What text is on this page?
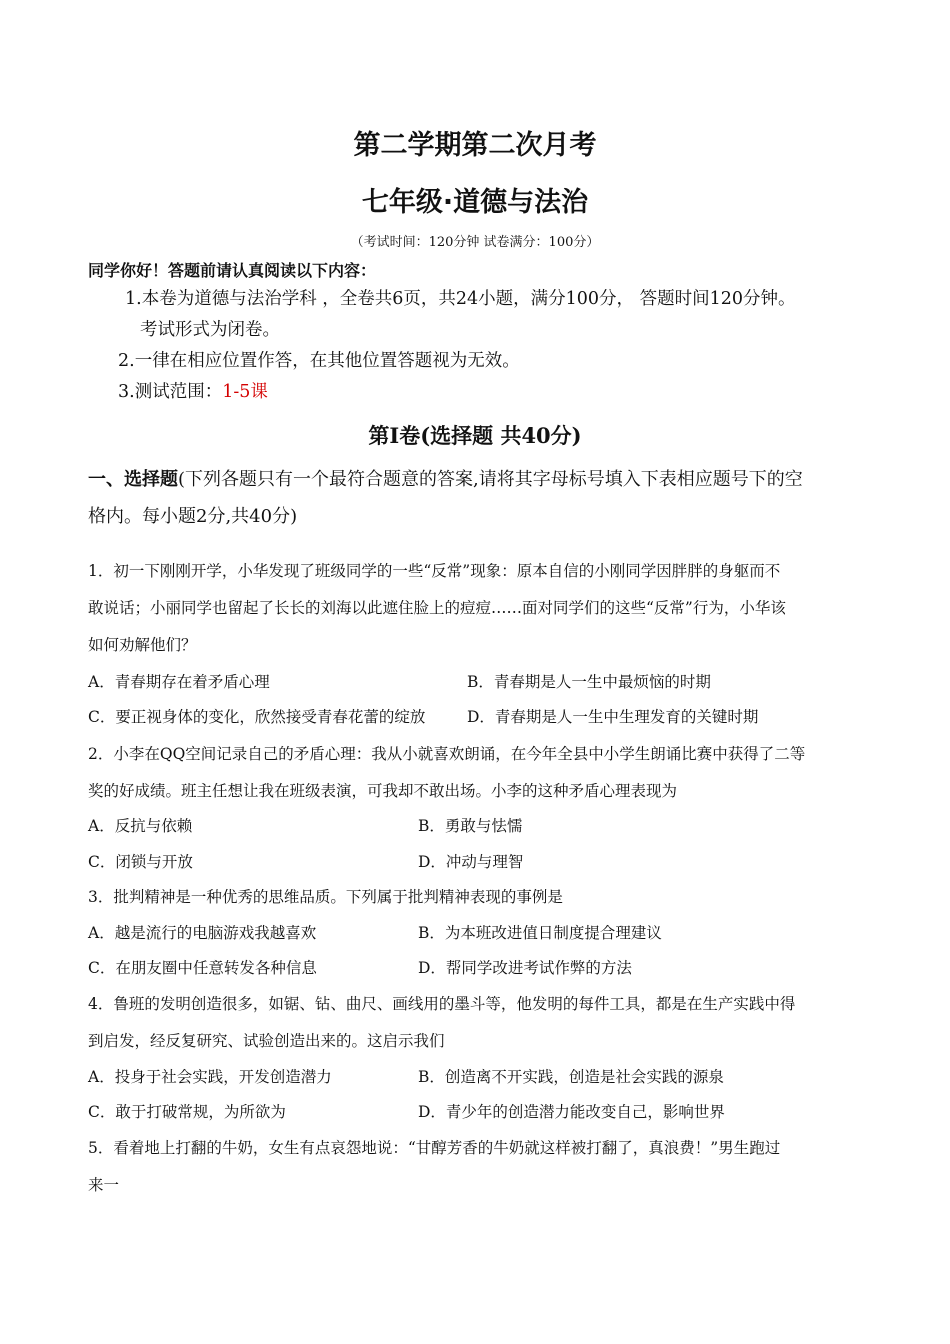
第二学期第二次月考
七年级·道德与法治
（考试时间：120分钟 试卷满分：100分）
同学你好！答题前请认真阅读以下内容：
1.本卷为道德与法治学科 ，全卷共6页，共24小题，满分100分， 答题时间120分钟。
考试形式为闭卷。
2.一律在相应位置作答，在其他位置答题视为无效。
3.测试范围：1-5课
第Ⅰ卷(选择题 共40分)
一、选择题(下列各题只有一个最符合题意的答案,请将其字母标号填入下表相应题号下的空
格内。每小题2分,共40分)
1．初一下刚刚开学，小华发现了班级同学的一些“反常”现象：原本自信的小刚同学因胖胖的身躯而不
敢说话；小丽同学也留起了长长的刘海以此遮住脸上的痘痘……面对同学们的这些“反常”行为，小华该
如何劝解他们？
A．青春期存在着矛盾心理	B．青春期是人一生中最烦恼的时期
C．要正视身体的变化，欣然接受青春花蕾的绽放	D．青春期是人一生中生理发育的关键时期
2．小李在QQ空间记录自己的矛盾心理：我从小就喜欢朗诵，在今年全县中小学生朗诵比赛中获得了二等
奖的好成绩。班主任想让我在班级表演，可我却不敢出场。小李的这种矛盾心理表现为
A．反抗与依赖	B．勇敢与怯懦
C．闭锁与开放	D．冲动与理智
3．批判精神是一种优秀的思维品质。下列属于批判精神表现的事例是
A．越是流行的电脑游戏我越喜欢	B．为本班改进值日制度提合理建议
C．在朋友圈中任意转发各种信息	D．帮同学改进考试作弊的方法
4．鲁班的发明创造很多，如锯、钻、曲尺、画线用的墨斗等，他发明的每件工具，都是在生产实践中得
到启发，经反复研究、试验创造出来的。这启示我们
A．投身于社会实践，开发创造潜力	B．创造离不开实践，创造是社会实践的源泉
C．敢于打破常规，为所欲为	D．青少年的创造潜力能改变自己，影响世界
5．看着地上打翻的牛奶，女生有点哀怨地说：“甘醇芳香的牛奶就这样被打翻了，真浪费！”男生跑过
来一
